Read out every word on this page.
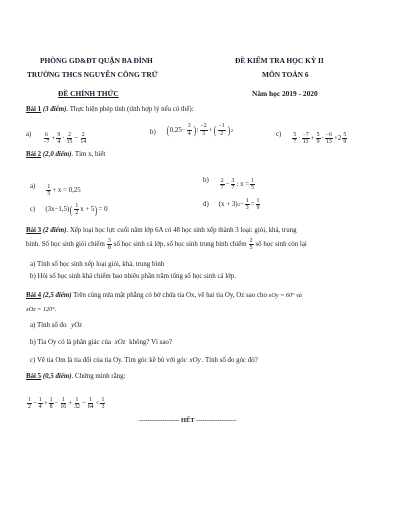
PHÒNG GD&ĐT QUẬN BA ĐÌNH
TRƯỜNG THCS NGUYỄN CÔNG TRỨ
ĐỀ CHÍNH THỨC
ĐỀ KIỂM TRA HỌC KỲ II
MÔN TOÁN 6
Năm học 2019 - 2020
Bài 1 (3 điểm). Thực hiện phép tính (tính hợp lý nếu có thể):
$a) \frac{6}{-7} + \frac{9}{4} \cdot \frac{2}{15} - \frac{2}{14}$	b) ( $0,25- \frac{3}{4}$ ) : $\frac{-2}{3}$ + ( $\frac{-1}{2}$ ) 2
$c) \frac{5}{7} \cdot \frac{-7}{13} + \frac{5}{9} \cdot \frac{-6}{13} +2 \frac{5}{9}$
Bài 2 (2,0 điểm). Tìm x, biết
$a) \frac{1}{5} + x = 0,25$
$b) \frac{2}{7} - \frac{3}{7}$ : $x = \frac{1}{5}$
c) (3x−1,5) ( $\frac{1}{2}$ x + 5 ) = 0
d) (x + 3) $2 - \frac{1}{3} = \frac{1}{9}$
Bài 3 (2 điểm). Xếp loại học lực cuối năm lớp 6A có 48 học sinh xếp thành 3 loại: giỏi, khá, trung
bình. Số học sinh giỏi chiếm $\frac{3}{8}$ số học sinh cả lớp, số học sinh trung bình chiếm $\frac{2}{5}$ số học sinh còn lại
a) Tính số học sinh xếp loại giỏi, khá, trung bình
b) Hỏi số học sinh khá chiếm bao nhiêu phần trăm tổng số học sinh cả lớp.
Bài 4 (2,5 điểm) Trên cùng nửa mặt phẳng có bờ chứa tia Ox, vẽ hai tia Oy, Oz sao cho xOy = 60° và
xOz = 120°.
a) Tính số đo yOz
b) Tia Oy có là phân giác của xOz không? Vì sao?
c) Vẽ tia Om là tia đối của tia Oy. Tìm góc kề bù với góc xOy. Tính số đo góc đó?
Bài 5 (0,5 điểm). Chứng minh rằng:
$\frac{1}{2} - \frac{1}{4} + \frac{1}{8} - \frac{1}{16} + \frac{1}{32} - \frac{1}{64} < \frac{1}{3}$
------------------- HẾT -------------------
